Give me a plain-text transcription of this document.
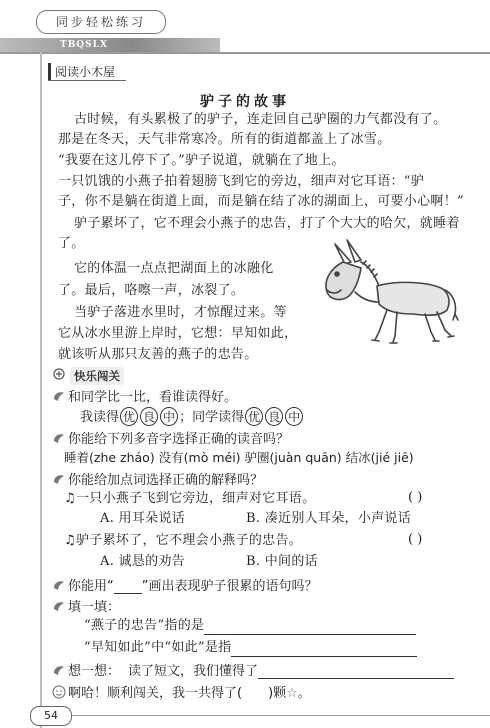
TBQSLX
同步轻松练习
阅读小木屋
驴子的故事
古时候，有头累极了的驴子，连走回自己驴圈的力气都没有了。
那是在冬天，天气非常寒冷。所有的街道都盖上了冰雪。
“我要在这儿停下了。”驴子说道，就躺在了地上。
一只饥饿的小燕子拍着翅膀飞到它的旁边，细声对它耳语：“驴
子，你不是躺在街道上面，而是躺在结了冰的湖面上，可要小心啊！”
驴子累坏了，它不理会小燕子的忠告，打了个大大的哈欠，就睡着
了。
它的体温一点点把湖面上的冰融化
了。最后，咯嚓一声，冰裂了。
当驴子落进水里时，才惊醒过来。等
它从冰水里游上岸时，它想：早知如此，
就该听从那只友善的燕子的忠告。
快乐闯关
和同学比一比，看谁读得好。
我读得 优 良 中 ；同学读得 优 良 中
你能给下列多音字选择正确的读音吗？
睡着(zhe zháo) 没有(mò méi) 驴圈(juàn quān) 结冰(jié jiē)
你能给加点词选择正确的解释吗？
♫一只小燕子飞到它旁边，细声对它耳语。	( )
A. 用耳朵说话	B. 凑近别人耳朵，小声说话
♫驴子累坏了，它不理会小燕子的忠告。	( )
A. 诚恳的劝告	B. 中间的话
你能用“ ”画出表现驴子很累的语句吗？
填一填：
“燕子的忠告”指的是
“早知如此”中“如此”是指
想一想： 读了短文，我们懂得了
啊哈！顺利闯关，我一共得了( )颗☆。
54
